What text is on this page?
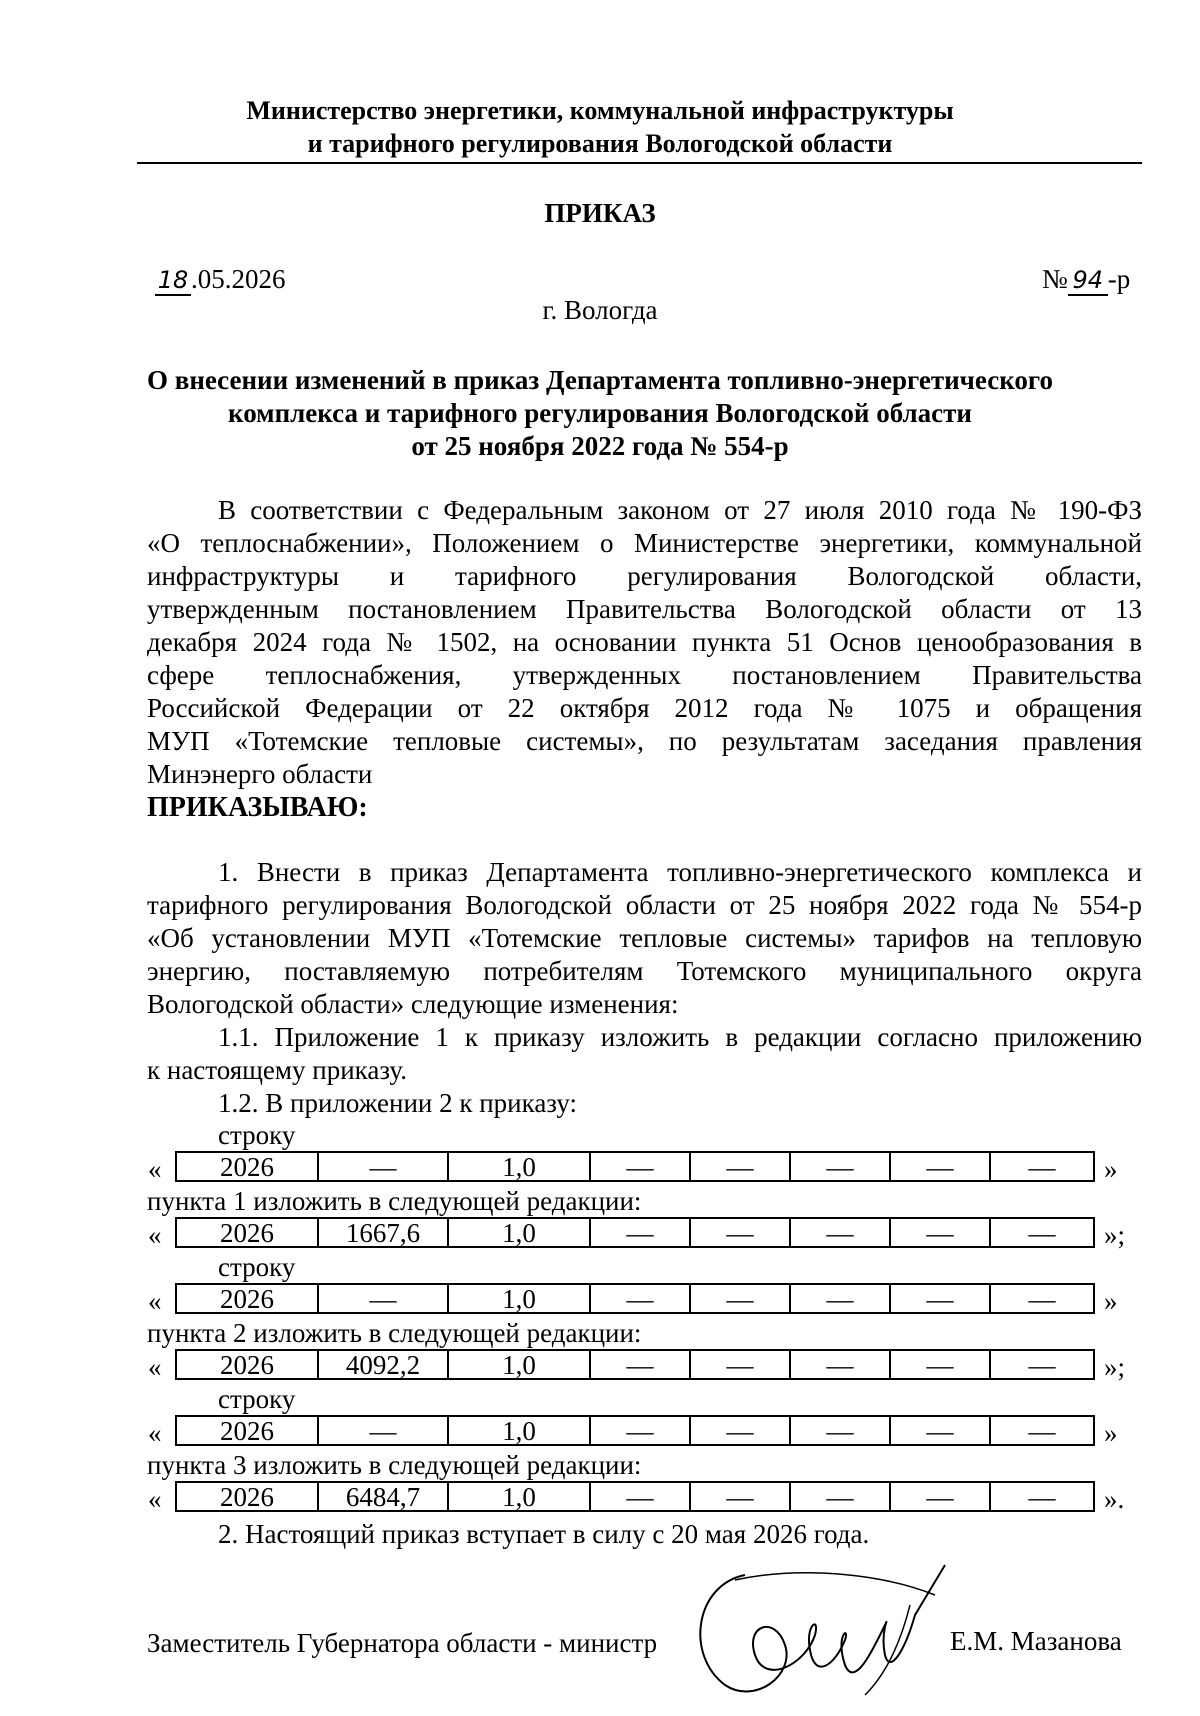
Министерство энергетики, коммунальной инфраструктуры
и тарифного регулирования Вологодской области
ПРИКАЗ
18 .05.2026	№ 94 -р
г. Вологда
О внесении изменений в приказ Департамента топливно-энергетического
комплекса и тарифного регулирования Вологодской области
от 25 ноября 2022 года № 554-р
В соответствии с Федеральным законом от 27 июля 2010 года № 190-ФЗ
«О теплоснабжении», Положением о Министерстве энергетики, коммунальной
инфраструктуры и тарифного регулирования Вологодской области,
утвержденным постановлением Правительства Вологодской области от 13
декабря 2024 года № 1502, на основании пункта 51 Основ ценообразования в
сфере теплоснабжения, утвержденных постановлением Правительства
Российской Федерации от 22 октября 2012 года № 1075 и обращения
МУП «Тотемские тепловые системы», по результатам заседания правления
Минэнерго области
ПРИКАЗЫВАЮ:
1. Внести в приказ Департамента топливно-энергетического комплекса и
тарифного регулирования Вологодской области от 25 ноября 2022 года № 554-р
«Об установлении МУП «Тотемские тепловые системы» тарифов на тепловую
энергию, поставляемую потребителям Тотемского муниципального округа
Вологодской области» следующие изменения:
1.1. Приложение 1 к приказу изложить в редакции согласно приложению
к настоящему приказу.
1.2. В приложении 2 к приказу:
строку
«	2026	—	1,0	—	—	—	—	—	»
пункта 1 изложить в следующей редакции:
«	2026	1667,6	1,0	—	—	—	—	—	»;
строку
«	2026	—	1,0	—	—	—	—	—	»
пункта 2 изложить в следующей редакции:
«	2026	4092,2	1,0	—	—	—	—	—	»;
строку
«	2026	—	1,0	—	—	—	—	—	»
пункта 3 изложить в следующей редакции:
«	2026	6484,7	1,0	—	—	—	—	—	».
2. Настоящий приказ вступает в силу с 20 мая 2026 года.
Заместитель Губернатора области - министр	Е.М. Мазанова
